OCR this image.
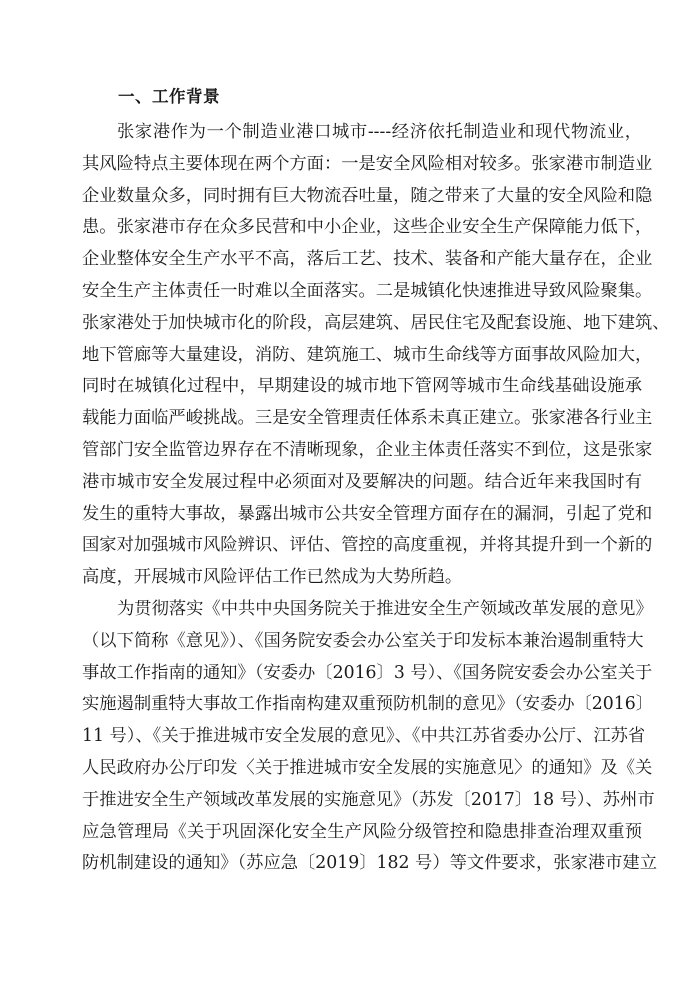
一、工作背景
张家港作为一个制造业港口城市----经济依托制造业和现代物流业，
其风险特点主要体现在两个方面：一是安全风险相对较多。张家港市制造业
企业数量众多，同时拥有巨大物流吞吐量，随之带来了大量的安全风险和隐
患。张家港市存在众多民营和中小企业，这些企业安全生产保障能力低下，
企业整体安全生产水平不高，落后工艺、技术、装备和产能大量存在，企业
安全生产主体责任一时难以全面落实。二是城镇化快速推进导致风险聚集。
张家港处于加快城市化的阶段，高层建筑、居民住宅及配套设施、地下建筑、
地下管廊等大量建设，消防、建筑施工、城市生命线等方面事故风险加大，
同时在城镇化过程中，早期建设的城市地下管网等城市生命线基础设施承
载能力面临严峻挑战。三是安全管理责任体系未真正建立。张家港各行业主
管部门安全监管边界存在不清晰现象，企业主体责任落实不到位，这是张家
港市城市安全发展过程中必须面对及要解决的问题。结合近年来我国时有
发生的重特大事故，暴露出城市公共安全管理方面存在的漏洞，引起了党和
国家对加强城市风险辨识、评估、管控的高度重视，并将其提升到一个新的
高度，开展城市风险评估工作已然成为大势所趋。
为贯彻落实《中共中央国务院关于推进安全生产领域改革发展的意见》
（以下简称《意见》）、《国务院安委会办公室关于印发标本兼治遏制重特大
事故工作指南的通知》（安委办〔2016〕3 号）、《国务院安委会办公室关于
实施遏制重特大事故工作指南构建双重预防机制的意见》（安委办〔2016〕
11 号）、《关于推进城市安全发展的意见》、《中共江苏省委办公厅、江苏省
人民政府办公厅印发〈关于推进城市安全发展的实施意见〉的通知》及《关
于推进安全生产领域改革发展的实施意见》（苏发〔2017〕18 号）、苏州市
应急管理局《关于巩固深化安全生产风险分级管控和隐患排查治理双重预
防机制建设的通知》（苏应急〔2019〕182 号）等文件要求，张家港市建立
